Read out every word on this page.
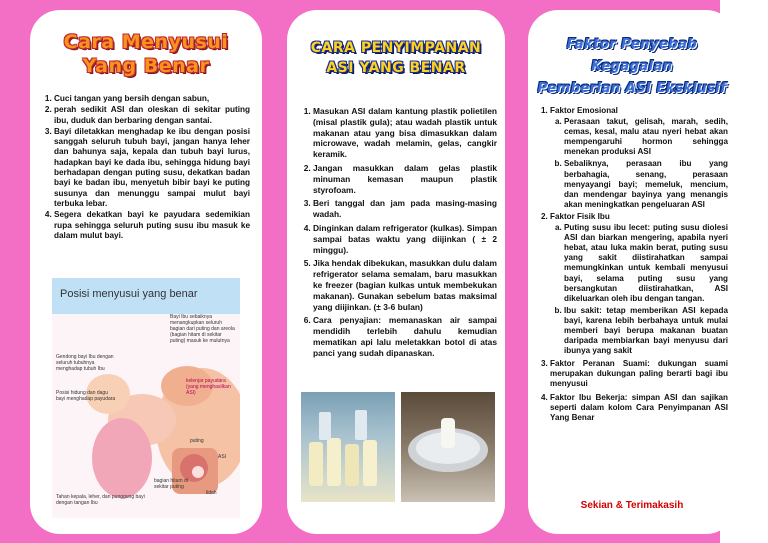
Cara Menyusui
Yang Benar
1. Cuci tangan yang bersih dengan sabun,
2. perah sedikit ASI dan oleskan di sekitar puting ibu, duduk dan berbaring dengan santai.
3. Bayi diletakkan menghadap ke ibu dengan posisi sanggah seluruh tubuh bayi, jangan hanya leher dan bahunya saja, kepala dan tubuh bayi lurus, hadapkan bayi ke dada ibu, sehingga hidung bayi berhadapan dengan puting susu, dekatkan badan bayi ke badan ibu, menyetuh bibir bayi ke puting susunya dan menunggu sampai mulut bayi terbuka lebar.
4. Segera dekatkan bayi ke payudara sedemikian rupa sehingga seluruh puting susu ibu masuk ke dalam mulut bayi.
Posisi menyusui yang benar
Bayi Ibu sebaiknya menangkupkan seluruh bagian dari puting dan areola (bagian hitam di sekitar puting) masuk ke mulutnya
Gendong bayi Ibu dengan seluruh tubuhnya menghadap tubuh Ibu
Posisi hidung dan dagu bayi menghadap payudara
kelenjar payudara (yang menghasilkan ASI)
puting
ASI
bagian hitam di sekitar puting
Tahan kepala, leher, dan punggung bayi dengan tangan Ibu
lidah
CARA PENYIMPANAN
ASI YANG BENAR
1. Masukan ASI dalam kantung plastik polietilen (misal plastik gula); atau wadah plastik untuk makanan atau yang bisa dimasukkan dalam microwave, wadah melamin, gelas, cangkir keramik.
2. Jangan masukkan dalam gelas plastik minuman kemasan maupun plastik styrofoam.
3. Beri tanggal dan jam pada masing-masing wadah.
4. Dinginkan dalam refrigerator (kulkas). Simpan sampai batas waktu yang diijinkan ( ± 2 minggu).
5. Jika hendak dibekukan, masukkan dulu dalam refrigerator selama semalam, baru masukkan ke freezer (bagian kulkas untuk membekukan makanan). Gunakan sebelum batas maksimal yang diijinkan. (± 3-6 bulan)
6. Cara penyajian: memanaskan air sampai mendidih terlebih dahulu kemudian mematikan api lalu meletakkan botol di atas panci yang sudah dipanaskan.
Faktor Penyebab Kegagalan
Pemberian ASI Eksklusif
1. Faktor Emosional
a. Perasaan takut, gelisah, marah, sedih, cemas, kesal, malu atau nyeri hebat akan mempengaruhi hormon sehingga menekan produksi ASI
b. Sebaliknya, perasaan ibu yang berbahagia, senang, perasaan menyayangi bayi; memeluk, mencium, dan mendengar bayinya yang menangis akan meningkatkan pengeluaran ASI
2. Faktor Fisik Ibu
a. Puting susu ibu lecet: puting susu diolesi ASI dan biarkan mengering, apabila nyeri hebat, atau luka makin berat, puting susu yang sakit diistirahatkan sampai memungkinkan untuk kembali menyusui bayi, selama puting susu yang bersangkutan diistirahatkan, ASI dikeluarkan oleh ibu dengan tangan.
b. Ibu sakit: tetap memberikan ASI kepada bayi, karena lebih berbahaya untuk mulai memberi bayi berupa makanan buatan daripada membiarkan bayi menyusu dari ibunya yang sakit
3. Faktor Peranan Suami: dukungan suami merupakan dukungan paling berarti bagi ibu menyusui
4. Faktor Ibu Bekerja: simpan ASI dan sajikan seperti dalam kolom Cara Penyimpanan ASI Yang Benar
Sekian & Terimakasih
